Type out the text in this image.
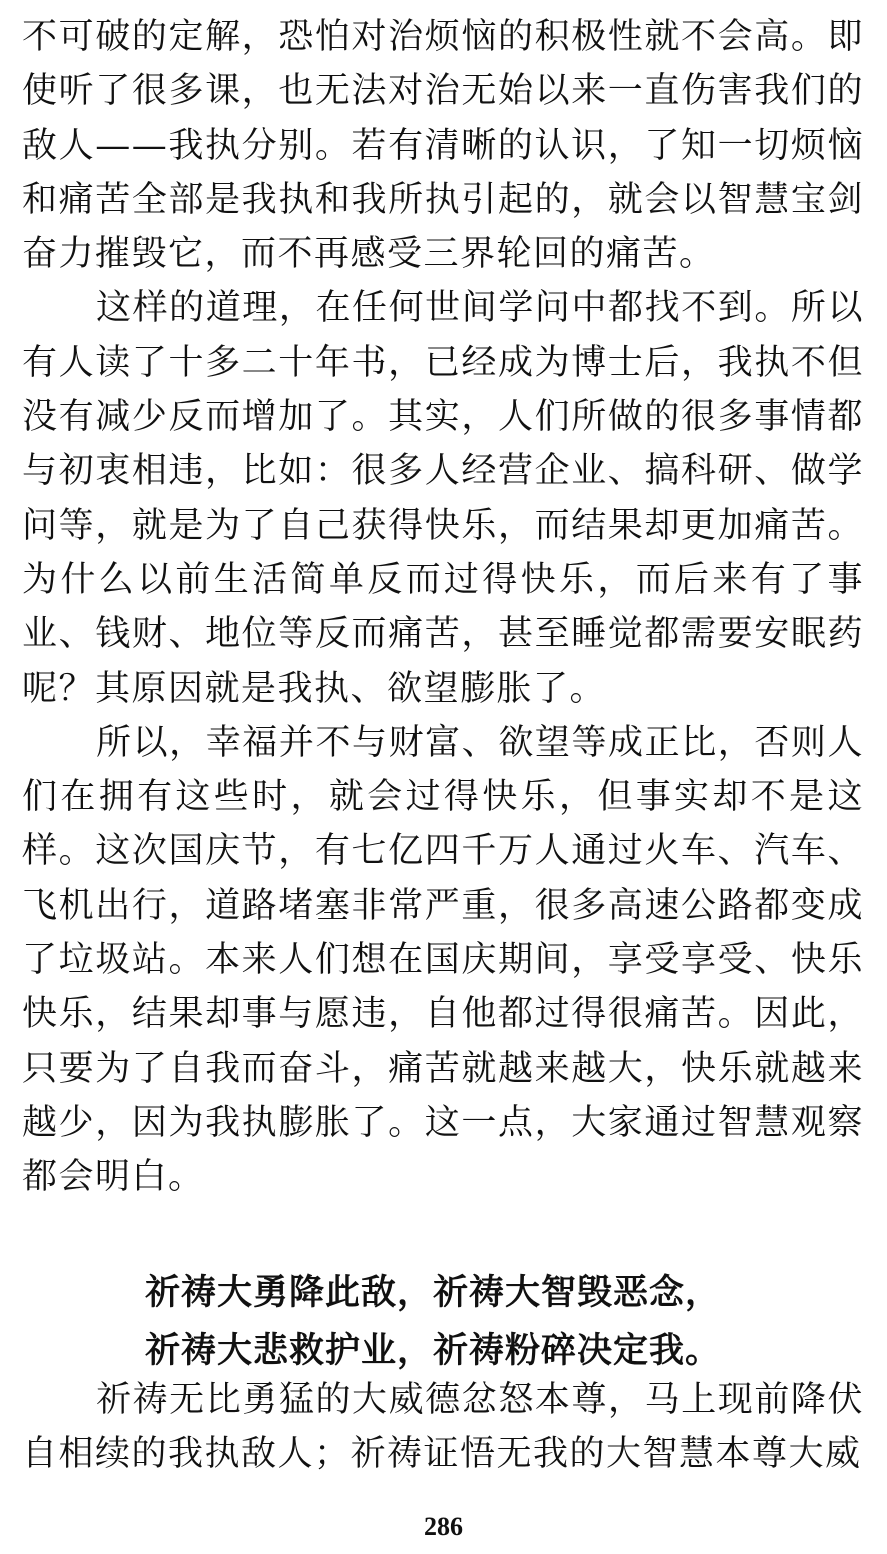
不可破的定解，恐怕对治烦恼的积极性就不会高。即使听了很多课，也无法对治无始以来一直伤害我们的敌人——我执分别。若有清晰的认识，了知一切烦恼和痛苦全部是我执和我所执引起的，就会以智慧宝剑奋力摧毁它，而不再感受三界轮回的痛苦。

这样的道理，在任何世间学问中都找不到。所以有人读了十多二十年书，已经成为博士后，我执不但没有减少反而增加了。其实，人们所做的很多事情都与初衷相违，比如：很多人经营企业、搞科研、做学问等，就是为了自己获得快乐，而结果却更加痛苦。为什么以前生活简单反而过得快乐，而后来有了事业、钱财、地位等反而痛苦，甚至睡觉都需要安眠药呢？其原因就是我执、欲望膨胀了。

所以，幸福并不与财富、欲望等成正比，否则人们在拥有这些时，就会过得快乐，但事实却不是这样。这次国庆节，有七亿四千万人通过火车、汽车、飞机出行，道路堵塞非常严重，很多高速公路都变成了垃圾站。本来人们想在国庆期间，享受享受、快乐快乐，结果却事与愿违，自他都过得很痛苦。因此，只要为了自我而奋斗，痛苦就越来越大，快乐就越来越少，因为我执膨胀了。这一点，大家通过智慧观察都会明白。

祈祷大勇降此敌，祈祷大智毁恶念，
祈祷大悲救护业，祈祷粉碎决定我。

祈祷无比勇猛的大威德忿怒本尊，马上现前降伏自相续的我执敌人；祈祷证悟无我的大智慧本尊大威

286
